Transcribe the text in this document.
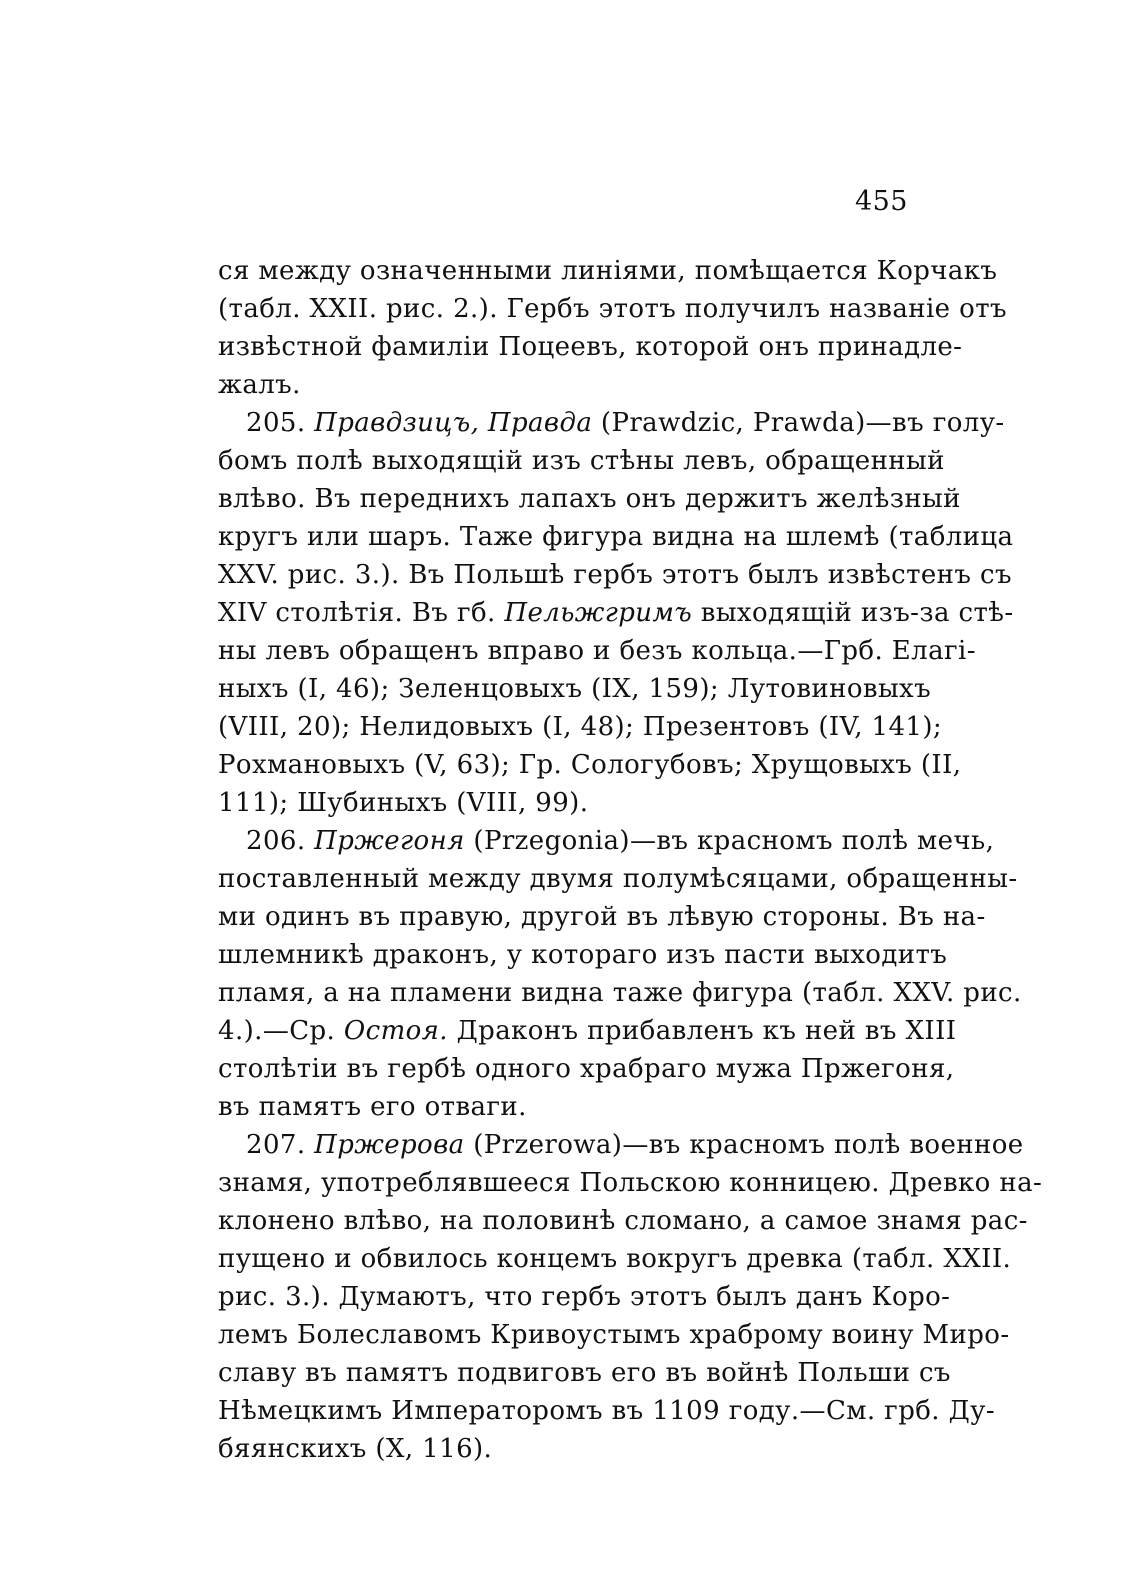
455
ся между означенными линіями, помѣщается Корчакъ
(табл. XXII. рис. 2.). Гербъ этотъ получилъ названіе отъ
извѣстной фамиліи Поцеевъ, которой онъ принадле-
жалъ.
205. Правдзицъ, Правда (Prawdzic, Prawda)—въ голу-
бомъ полѣ выходящій изъ стѣны левъ, обращенный
влѣво. Въ переднихъ лапахъ онъ держитъ желѣзный
кругъ или шаръ. Таже фигура видна на шлемѣ (таблица
XXV. рис. 3.). Въ Польшѣ гербъ этотъ былъ извѣстенъ съ
XIV столѣтія. Въ гб. Пельжгримъ выходящій изъ-за стѣ-
ны левъ обращенъ вправо и безъ кольца.—Грб. Елагі-
ныхъ (I, 46); Зеленцовыхъ (IX, 159); Лутовиновыхъ
(VIII, 20); Нелидовыхъ (I, 48); Презентовъ (IV, 141);
Рохмановыхъ (V, 63); Гр. Сологубовъ; Хрущовыхъ (II,
111); Шубиныхъ (VIII, 99).
206. Пржегоня (Przegonia)—въ красномъ полѣ мечь,
поставленный между двумя полумѣсяцами, обращенны-
ми одинъ въ правую, другой въ лѣвую стороны. Въ на-
шлемникѣ драконъ, у котораго изъ пасти выходитъ
пламя, а на пламени видна таже фигура (табл. XXV. рис.
4.).—Ср. Остоя. Драконъ прибавленъ къ ней въ XIII
столѣтіи въ гербѣ одного храбраго мужа Пржегоня,
въ памятъ его отваги.
207. Пржерова (Przerowa)—въ красномъ полѣ военное
знамя, употреблявшееся Польскою конницею. Древко на-
клонено влѣво, на половинѣ сломано, а самое знамя рас-
пущено и обвилось концемъ вокругъ древка (табл. XXII.
рис. 3.). Думаютъ, что гербъ этотъ былъ данъ Коро-
лемъ Болеславомъ Кривоустымъ храброму воину Миро-
славу въ памятъ подвиговъ его въ войнѣ Польши съ
Нѣмецкимъ Императоромъ въ 1109 году.—См. грб. Ду-
бяянскихъ (X, 116).
